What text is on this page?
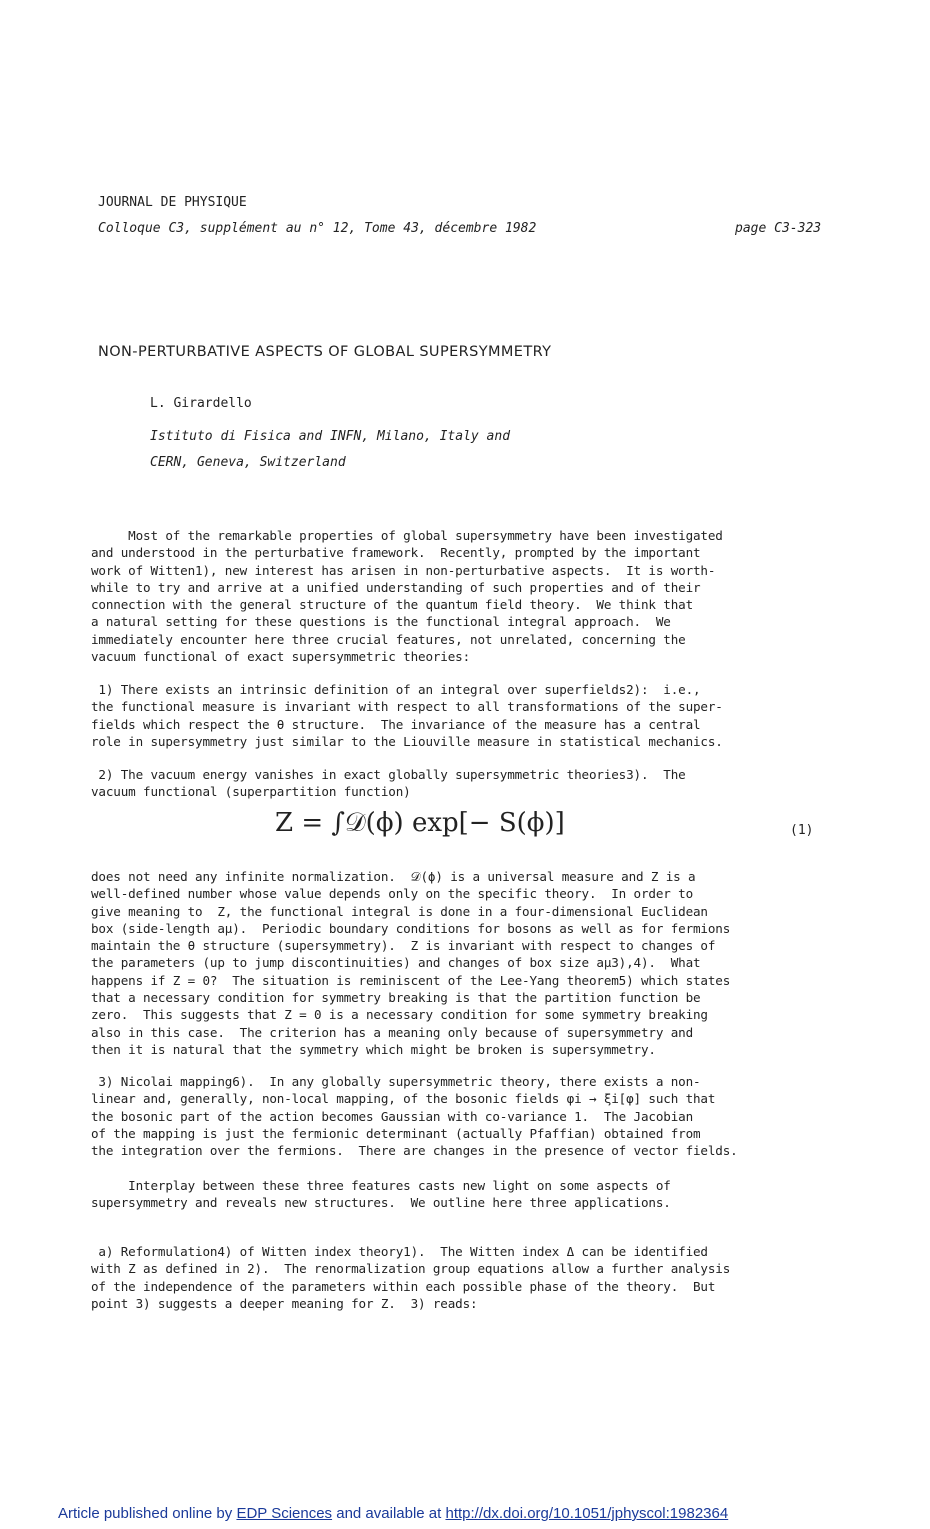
JOURNAL DE PHYSIQUE
Colloque C3, supplément au n° 12, Tome 43, décembre 1982	page C3-323
NON-PERTURBATIVE ASPECTS OF GLOBAL SUPERSYMMETRY
L. Girardello
Istituto di Fisica and INFN, Milano, Italy and
CERN, Geneva, Switzerland

Most of the remarkable properties of global supersymmetry have been investigated
and understood in the perturbative framework.  Recently, prompted by the important
work of Witten1), new interest has arisen in non-perturbative aspects.  It is worth-
while to try and arrive at a unified understanding of such properties and of their
connection with the general structure of the quantum field theory.  We think that
a natural setting for these questions is the functional integral approach.  We
immediately encounter here three crucial features, not unrelated, concerning the
vacuum functional of exact supersymmetric theories:

1) There exists an intrinsic definition of an integral over superfields2):  i.e.,
the functional measure is invariant with respect to all transformations of the super-
fields which respect the θ structure.  The invariance of the measure has a central
role in supersymmetry just similar to the Liouville measure in statistical mechanics.

2) The vacuum energy vanishes in exact globally supersymmetric theories3).  The
vacuum functional (superpartition function)

Z = ∫𝒟(ϕ) exp[− S(ϕ)]	(1)

does not need any infinite normalization.  𝒟(ϕ) is a universal measure and Z is a
well-defined number whose value depends only on the specific theory.  In order to
give meaning to  Z, the functional integral is done in a four-dimensional Euclidean
box (side-length aμ).  Periodic boundary conditions for bosons as well as for fermions
maintain the θ structure (supersymmetry).  Z is invariant with respect to changes of
the parameters (up to jump discontinuities) and changes of box size aμ3),4).  What
happens if Z = 0?  The situation is reminiscent of the Lee-Yang theorem5) which states
that a necessary condition for symmetry breaking is that the partition function be
zero.  This suggests that Z = 0 is a necessary condition for some symmetry breaking
also in this case.  The criterion has a meaning only because of supersymmetry and
then it is natural that the symmetry which might be broken is supersymmetry.

3) Nicolai mapping6).  In any globally supersymmetric theory, there exists a non-
linear and, generally, non-local mapping, of the bosonic fields φi → ξi[φ] such that
the bosonic part of the action becomes Gaussian with co-variance 1.  The Jacobian
of the mapping is just the fermionic determinant (actually Pfaffian) obtained from
the integration over the fermions.  There are changes in the presence of vector fields.

Interplay between these three features casts new light on some aspects of
supersymmetry and reveals new structures.  We outline here three applications.

a) Reformulation4) of Witten index theory1).  The Witten index Δ can be identified
with Z as defined in 2).  The renormalization group equations allow a further analysis
of the independence of the parameters within each possible phase of the theory.  But
point 3) suggests a deeper meaning for Z.  3) reads:

Article published online by EDP Sciences and available at http://dx.doi.org/10.1051/jphyscol:1982364
